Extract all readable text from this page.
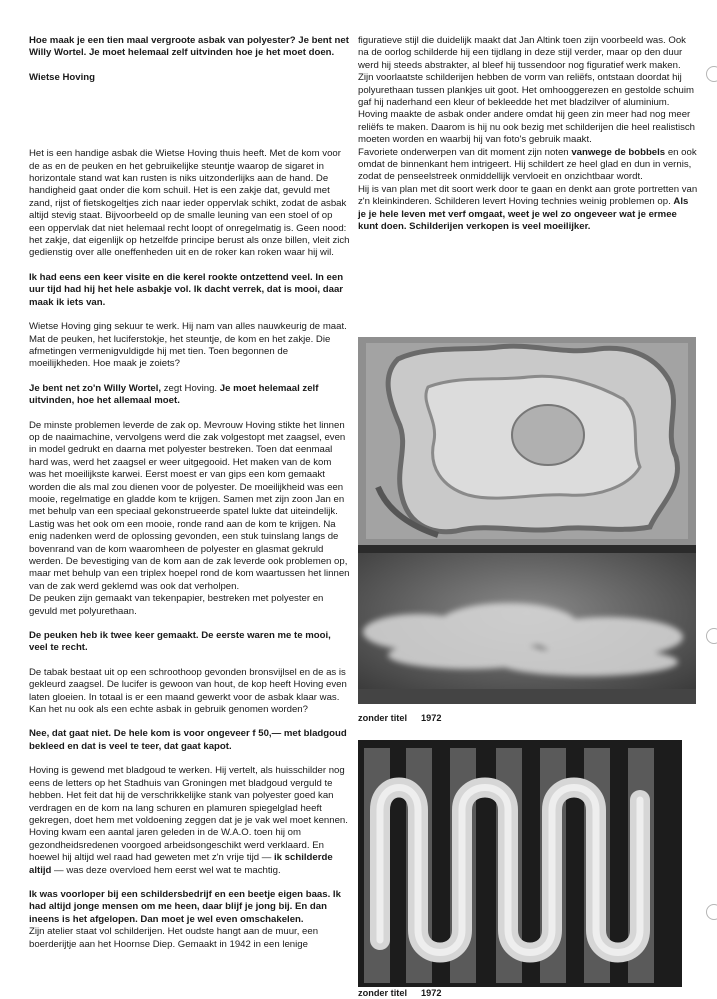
Hoe maak je een tien maal vergroote asbak van polyester? Je bent net Willy Wortel. Je moet helemaal zelf uitvinden hoe je het moet doen.

Wietse Hoving

Het is een handige asbak die Wietse Hoving thuis heeft. Met de kom voor de as en de peuken en het gebruikelijke steuntje waarop de sigaret in horizontale stand wat kan rusten is niks uitzonderlijks aan de hand. De handigheid gaat onder die kom schuil. Het is een zakje dat, gevuld met zand, rijst of fietskogeltjes zich naar ieder oppervlak schikt, zodat de asbak altijd stevig staat. Bijvoorbeeld op de smalle leuning van een stoel of op een oppervlak dat niet helemaal recht loopt of onregelmatig is. Geen nood: het zakje, dat eigenlijk op hetzelfde principe berust als onze billen, vleit zich gedienstig over alle oneffenheden uit en de roker kan roken waar hij wil.

Ik had eens een keer visite en die kerel rookte ontzettend veel. In een uur tijd had hij het hele asbakje vol. Ik dacht verrek, dat is mooi, daar maak ik iets van.

Wietse Hoving ging sekuur te werk. Hij nam van alles nauwkeurig de maat. Mat de peuken, het luciferstokje, het steuntje, de kom en het zakje. Die afmetingen vermenigvuldigde hij met tien. Toen begonnen de moeilijkheden. Hoe maak je zoiets?

Je bent net zo'n Willy Wortel, zegt Hoving. Je moet helemaal zelf uitvinden, hoe het allemaal moet.

De minste problemen leverde de zak op. Mevrouw Hoving stikte het linnen op de naaimachine, vervolgens werd die zak volgestopt met zaagsel, even in model gedrukt en daarna met polyester bestreken. Toen dat eenmaal hard was, werd het zaagsel er weer uitgegooid. Het maken van de kom was het moeilijkste karwei. Eerst moest er van gips een kom gemaakt worden die als mal zou dienen voor de polyester. De moeilijkheid was een mooie, regelmatige en gladde kom te krijgen. Samen met zijn zoon Jan en met behulp van een speciaal gekonstrueerde spatel lukte dat uiteindelijk. Lastig was het ook om een mooie, ronde rand aan de kom te krijgen. Na enig nadenken werd de oplossing gevonden, een stuk tuinslang langs de bovenrand van de kom waaromheen de polyester en glasmat gekruld werden. De bevestiging van de kom aan de zak leverde ook problemen op, maar met behulp van een triplex hoepel rond de kom waartussen het linnen van de zak werd geklemd was ook dat verholpen.

De peuken zijn gemaakt van tekenpapier, bestreken met polyester en gevuld met polyurethaan.

De peuken heb ik twee keer gemaakt. De eerste waren me te mooi, veel te recht.

De tabak bestaat uit op een schroothoop gevonden bronsvijlsel en de as is gekleurd zaagsel. De lucifer is gewoon van hout, de kop heeft Hoving even laten gloeien. In totaal is er een maand gewerkt voor de asbak klaar was.

Kan het nu ook als een echte asbak in gebruik genomen worden?

Nee, dat gaat niet. De hele kom is voor ongeveer f 50,— met bladgoud bekleed en dat is veel te teer, dat gaat kapot.

Hoving is gewend met bladgoud te werken. Hij vertelt, als huisschilder nog eens de letters op het Stadhuis van Groningen met bladgoud verguld te hebben. Het feit dat hij de verschrikkelijke stank van polyester goed kan verdragen en de kom na lang schuren en plamuren spiegelglad heeft gekregen, doet hem met voldoening zeggen dat je je vak wel moet kennen.

Hoving kwam een aantal jaren geleden in de W.A.O. toen hij om gezondheidsredenen voorgoed arbeidsongeschikt werd verklaard. En hoewel hij altijd wel raad had geweten met z'n vrije tijd — ik schilderde altijd — was deze overvloed hem eerst wel wat te machtig.

Ik was voorloper bij een schildersbedrijf en een beetje eigen baas. Ik had altijd jonge mensen om me heen, daar blijf je jong bij. En dan ineens is het afgelopen. Dan moet je wel even omschakelen.

Zijn atelier staat vol schilderijen. Het oudste hangt aan de muur, een boerderijtje aan het Hoornse Diep. Gemaakt in 1942 in een lenige

figuratieve stijl die duidelijk maakt dat Jan Altink toen zijn voorbeeld was. Ook na de oorlog schilderde hij een tijdlang in deze stijl verder, maar op den duur werd hij steeds abstrakter, al bleef hij tussendoor nog figuratief werk maken. Zijn voorlaatste schilderijen hebben de vorm van reliëfs, ontstaan doordat hij polyurethaan tussen plankjes uit goot. Het omhooggerezen en gestolde schuim gaf hij naderhand een kleur of bekleedde het met bladzilver of aluminium. Hoving maakte de asbak onder andere omdat hij geen zin meer had nog meer reliëfs te maken. Daarom is hij nu ook bezig met schilderijen die heel realistisch moeten worden en waarbij hij van foto's gebruik maakt.

Favoriete onderwerpen van dit moment zijn noten vanwege de bobbels en ook omdat de binnenkant hem intrigeert. Hij schildert ze heel glad en dun in vernis, zodat de penseelstreek onmiddellijk vervloeit en onzichtbaar wordt.

Hij is van plan met dit soort werk door te gaan en denkt aan grote portretten van z'n kleinkinderen. Schilderen levert Hoving technies weinig problemen op. Als je je hele leven met verf omgaat, weet je wel zo ongeveer wat je ermee kunt doen. Schilderijen verkopen is veel moeilijker.

zonder titel 1972
zonder titel 1972
